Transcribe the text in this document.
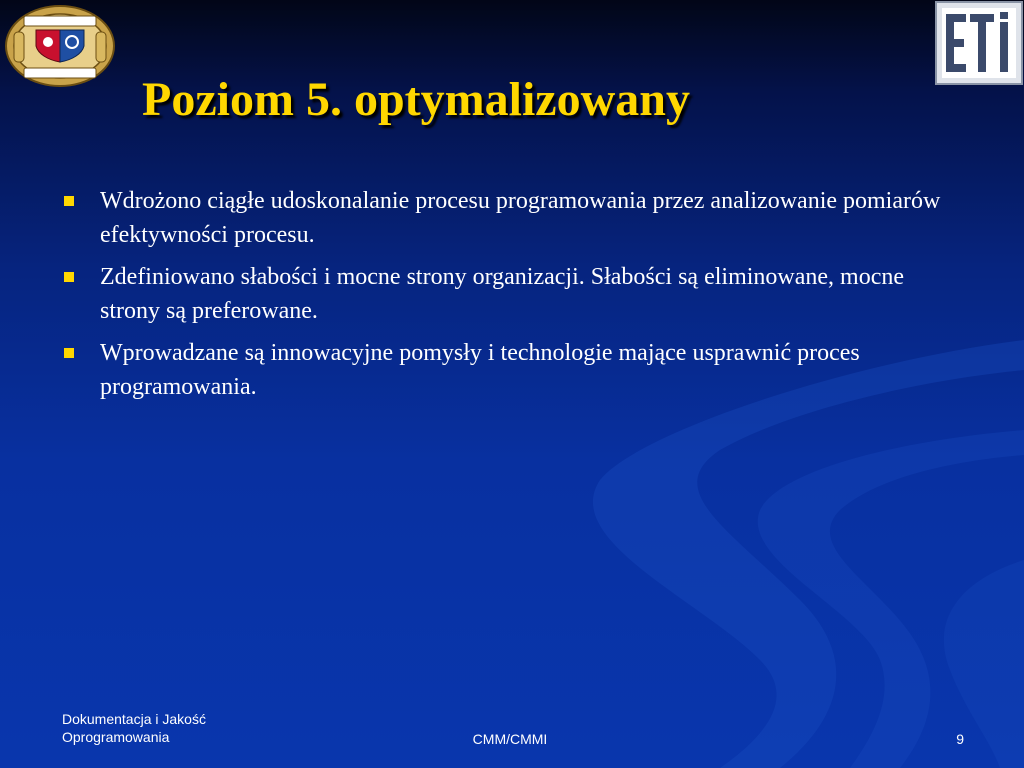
Poziom 5. optymalizowany
Wdrożono ciągłe udoskonalanie procesu programowania przez analizowanie pomiarów efektywności procesu.
Zdefiniowano słabości i mocne strony organizacji. Słabości są eliminowane, mocne strony są preferowane.
Wprowadzane są innowacyjne pomysły i technologie mające usprawnić proces programowania.
Dokumentacja i Jakość
Oprogramowania	CMM/CMMI	9
